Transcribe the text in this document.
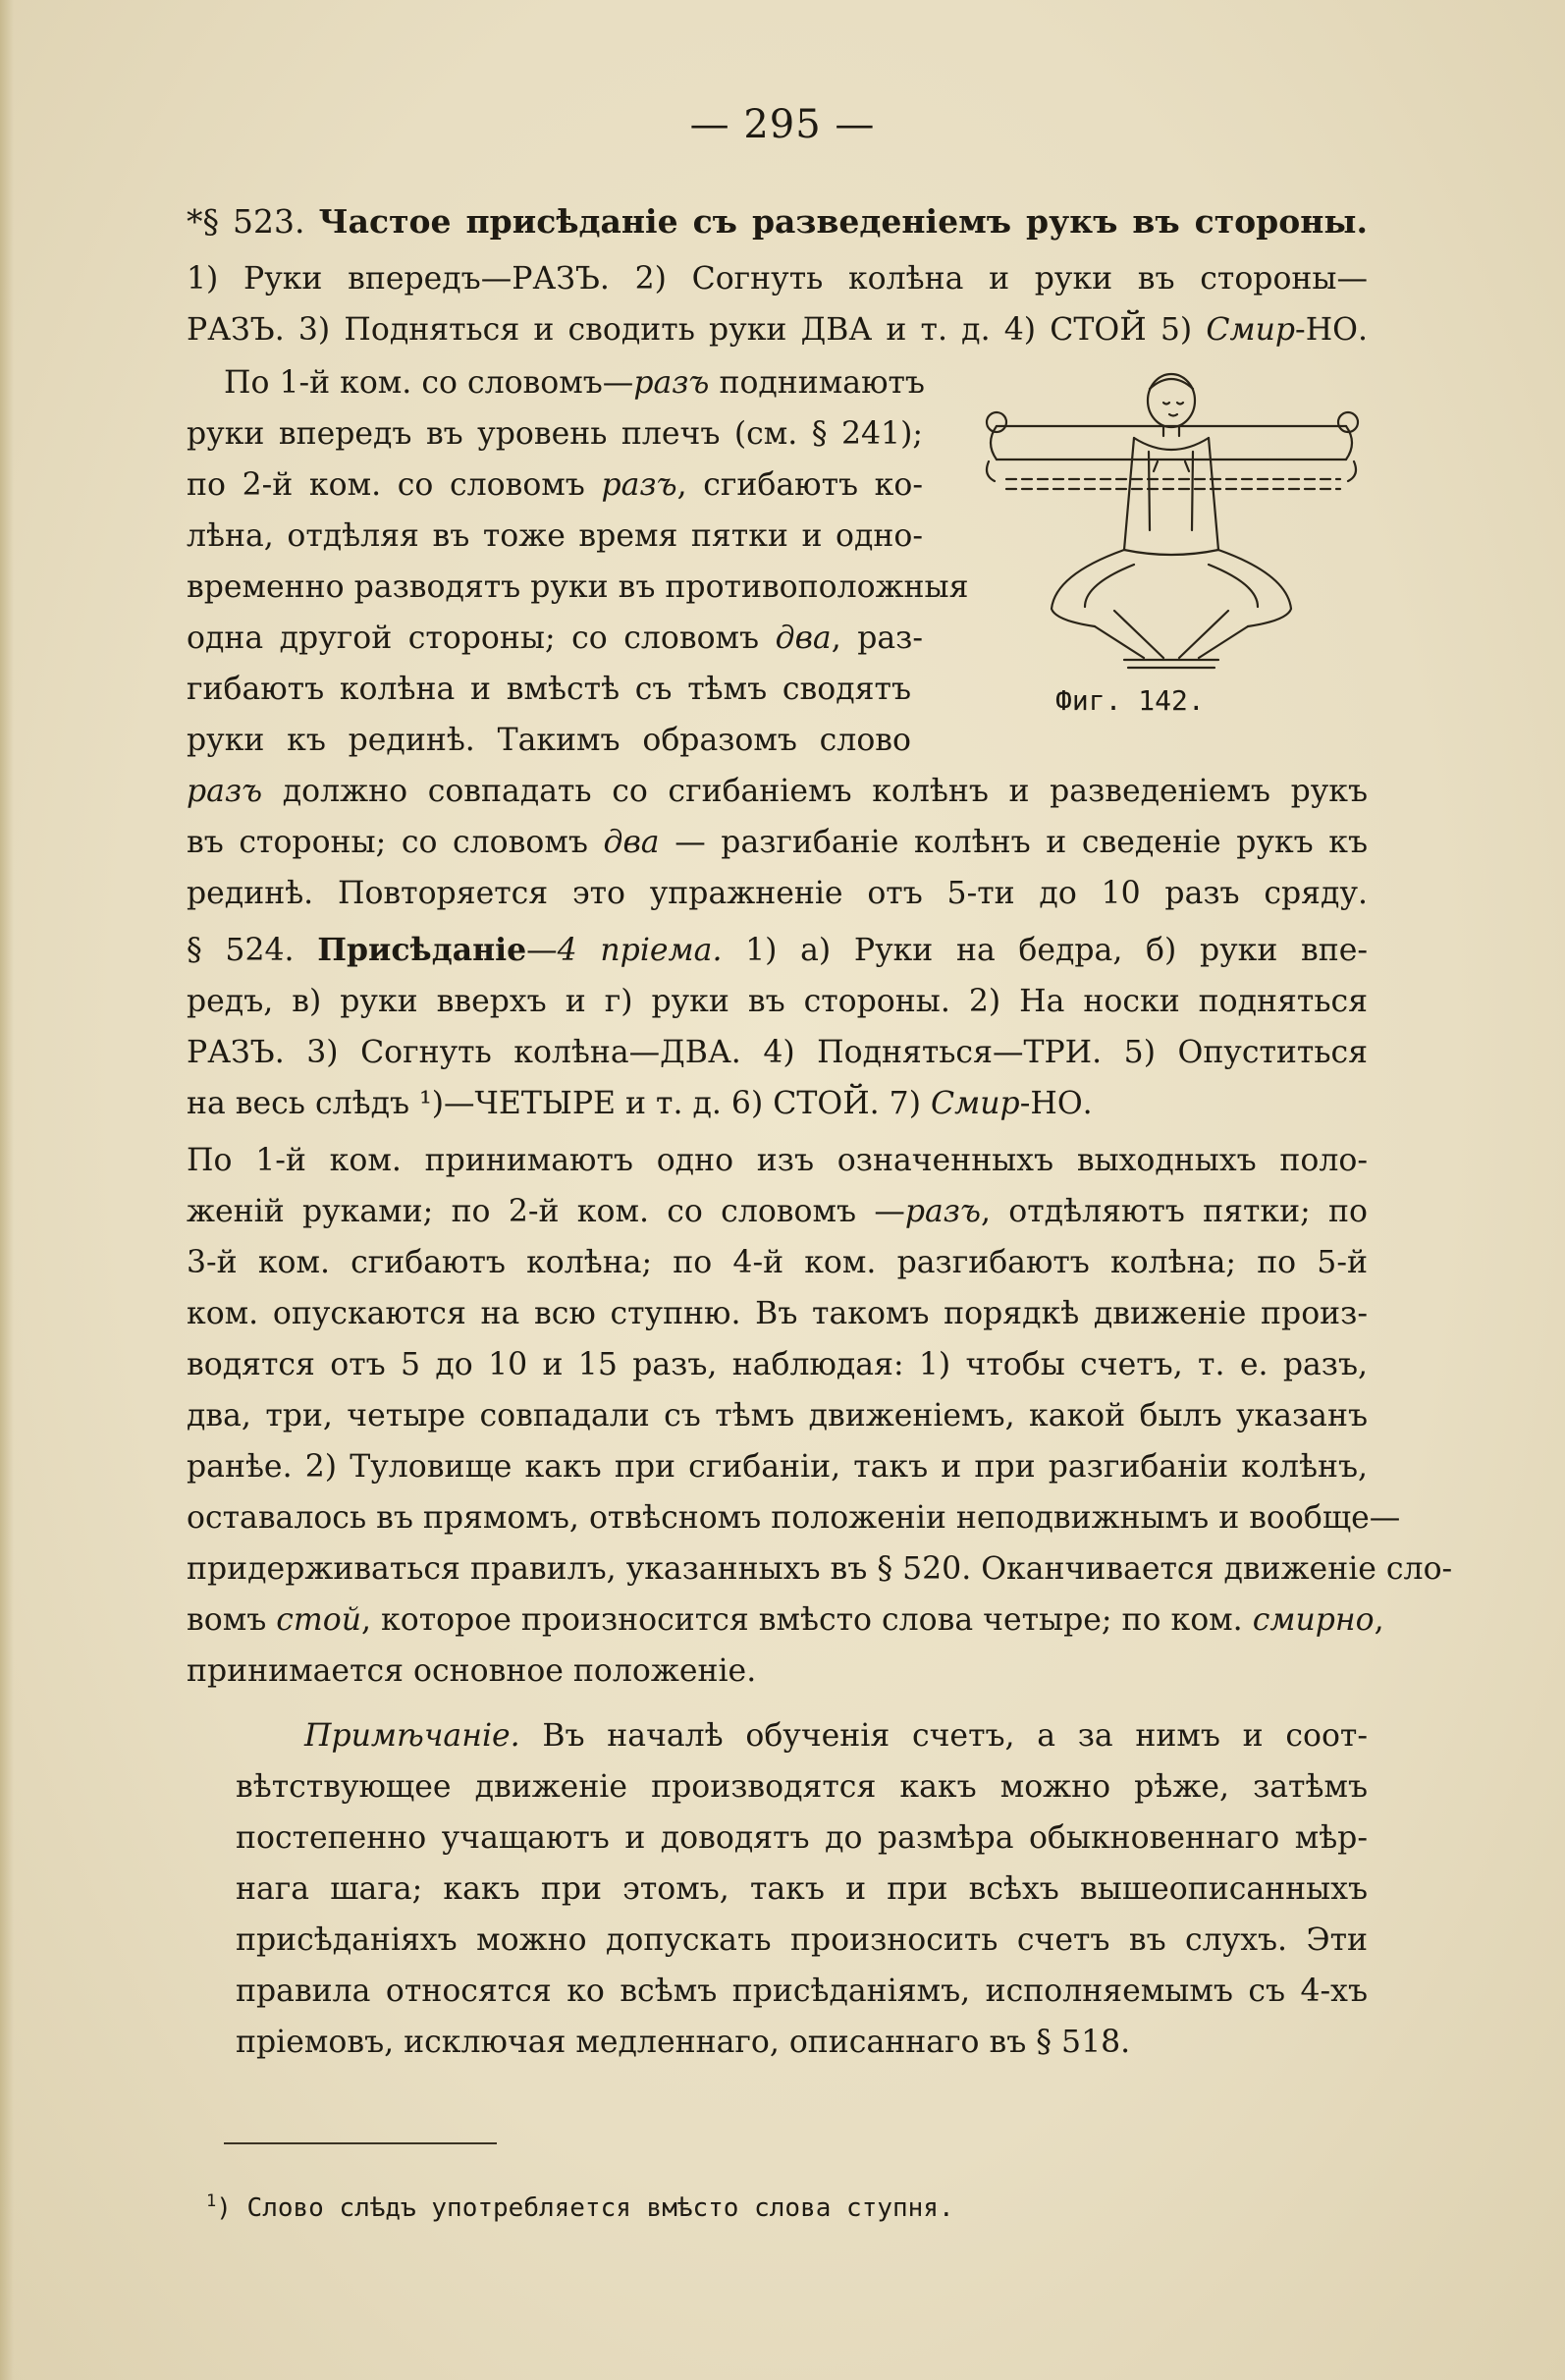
— 295 —
*§ 523. Частое присѣданіе съ разведеніемъ рукъ въ стороны.
1) Руки впередъ—РАЗЪ. 2) Согнуть колѣна и руки въ стороны—
РАЗЪ. 3) Подняться и сводить руки ДВА и т. д. 4) СТОЙ 5) Смир-НО.
По 1-й ком. со словомъ—разъ поднимаютъ
руки впередъ въ уровень плечъ (см. § 241);
по 2-й ком. со словомъ разъ, сгибаютъ ко-
лѣна, отдѣляя въ тоже время пятки и одно-
временно разводятъ руки въ противоположныя
одна другой стороны; со словомъ два, раз-
гибаютъ колѣна и вмѣстѣ съ тѣмъ сводятъ
руки къ рединѣ. Такимъ образомъ слово
разъ должно совпадать со сгибаніемъ колѣнъ и разведеніемъ рукъ
въ стороны; со словомъ два — разгибаніе колѣнъ и сведеніе рукъ къ
рединѣ. Повторяется это упражненіе отъ 5-ти до 10 разъ сряду.
Фиг. 142.
§ 524. Присѣданіе—4 пріема. 1) а) Руки на бедра, б) руки впе-
редъ, в) руки вверхъ и г) руки въ стороны. 2) На носки подняться
РАЗЪ. 3) Согнуть колѣна—ДВА. 4) Подняться—ТРИ. 5) Опуститься
на весь слѣдъ ¹)—ЧЕТЫРЕ и т. д. 6) СТОЙ. 7) Смир-НО.
По 1-й ком. принимаютъ одно изъ означенныхъ выходныхъ поло-
женій руками; по 2-й ком. со словомъ —разъ, отдѣляютъ пятки; по
3-й ком. сгибаютъ колѣна; по 4-й ком. разгибаютъ колѣна; по 5-й
ком. опускаются на всю ступню. Въ такомъ порядкѣ движеніе произ-
водятся отъ 5 до 10 и 15 разъ, наблюдая: 1) чтобы счетъ, т. е. разъ,
два, три, четыре совпадали съ тѣмъ движеніемъ, какой былъ указанъ
ранѣе. 2) Туловище какъ при сгибаніи, такъ и при разгибаніи колѣнъ,
оставалось въ прямомъ, отвѣсномъ положеніи неподвижнымъ и вообще—
придерживаться правилъ, указанныхъ въ § 520. Оканчивается движеніе сло-
вомъ стой, которое произносится вмѣсто слова четыре; по ком. смирно,
принимается основное положеніе.
Примѣчаніе. Въ началѣ обученія счетъ, а за нимъ и соот-
вѣтствующее движеніе производятся какъ можно рѣже, затѣмъ
постепенно учащаютъ и доводятъ до размѣра обыкновеннаго мѣр-
нага шага; какъ при этомъ, такъ и при всѣхъ вышеописанныхъ
присѣданіяхъ можно допускать произносить счетъ въ слухъ. Эти
правила относятся ко всѣмъ присѣданіямъ, исполняемымъ съ 4-хъ
пріемовъ, исключая медленнаго, описаннаго въ § 518.
$^1$) Слово слѣдъ употребляется вмѣсто слова ступня.
